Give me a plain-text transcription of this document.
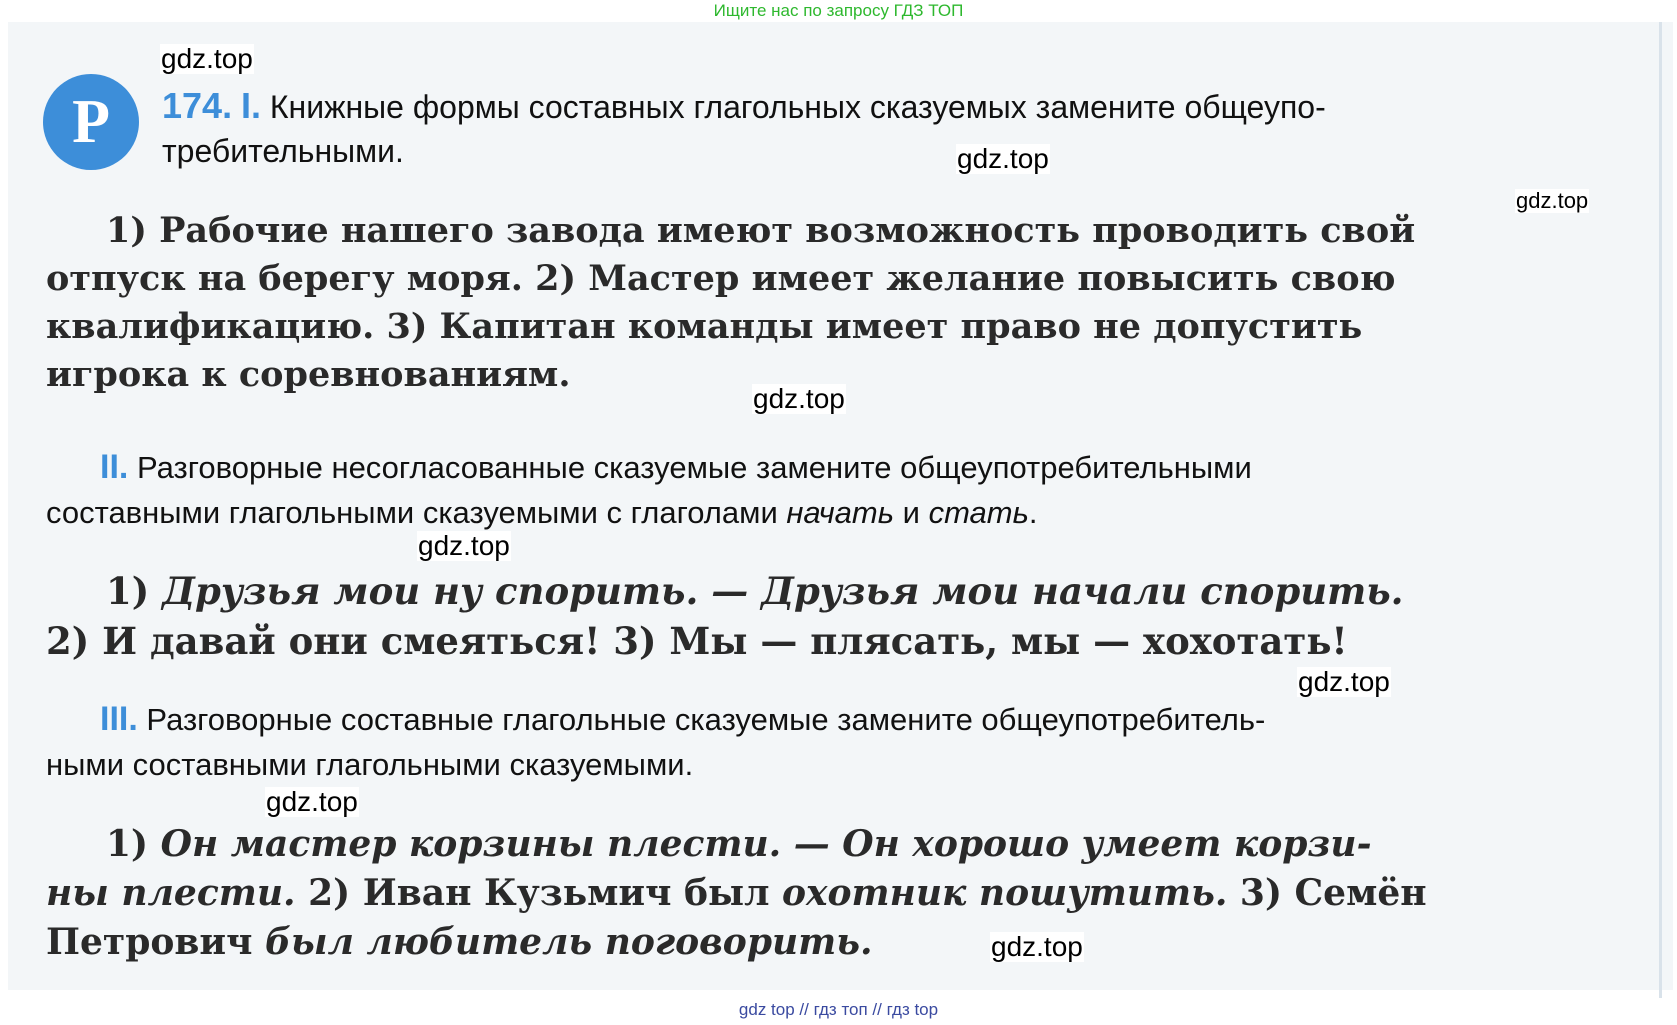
Ищите нас по запросу ГДЗ ТОП
Р	174. I. Книжные формы составных глагольных сказуемых замените общеупо-
требительными.
1) Рабочие нашего завода имеют возможность проводить свой
отпуск на берегу моря. 2) Мастер имеет желание повысить свою
квалификацию. 3) Капитан команды имеет право не допустить
игрока к соревнованиям.
II. Разговорные несогласованные сказуемые замените общеупотребительными
составными глагольными сказуемыми с глаголами начать и стать.
1) Друзья мои ну спорить. — Друзья мои начали спорить.
2) И давай они смеяться! 3) Мы — плясать, мы — хохотать!
III. Разговорные составные глагольные сказуемые замените общеупотребитель-
ными составными глагольными сказуемыми.
1) Он мастер корзины плести. — Он хорошо умеет корзи-
ны плести. 2) Иван Кузьмич был охотник пошутить. 3) Семён
Петрович был любитель поговорить.
gdz.top
gdz.top
gdz.top
gdz.top
gdz.top
gdz.top
gdz.top
gdz.top
gdz top // гдз топ // гдз top
